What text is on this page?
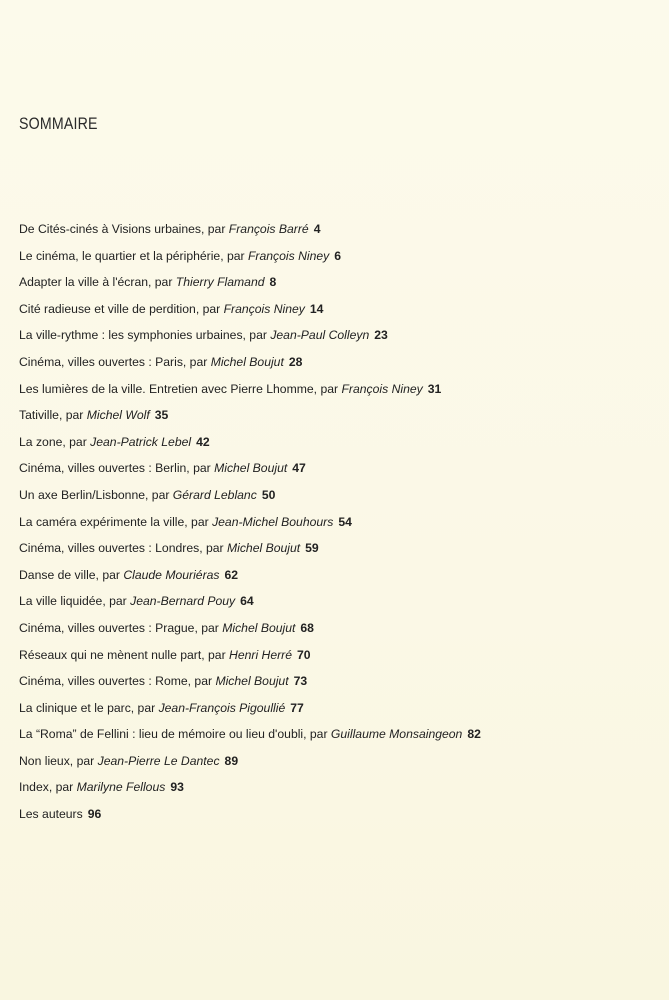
SOMMAIRE
De Cités-cinés à Visions urbaines, par François Barré 4
Le cinéma, le quartier et la périphérie, par François Niney 6
Adapter la ville à l'écran, par Thierry Flamand 8
Cité radieuse et ville de perdition, par François Niney 14
La ville-rythme : les symphonies urbaines, par Jean-Paul Colleyn 23
Cinéma, villes ouvertes : Paris, par Michel Boujut 28
Les lumières de la ville. Entretien avec Pierre Lhomme, par François Niney 31
Tativille, par Michel Wolf 35
La zone, par Jean-Patrick Lebel 42
Cinéma, villes ouvertes : Berlin, par Michel Boujut 47
Un axe Berlin/Lisbonne, par Gérard Leblanc 50
La caméra expérimente la ville, par Jean-Michel Bouhours 54
Cinéma, villes ouvertes : Londres, par Michel Boujut 59
Danse de ville, par Claude Mouriéras 62
La ville liquidée, par Jean-Bernard Pouy 64
Cinéma, villes ouvertes : Prague, par Michel Boujut 68
Réseaux qui ne mènent nulle part, par Henri Herré 70
Cinéma, villes ouvertes : Rome, par Michel Boujut 73
La clinique et le parc, par Jean-François Pigoullié 77
La “Roma” de Fellini : lieu de mémoire ou lieu d'oubli, par Guillaume Monsaingeon 82
Non lieux, par Jean-Pierre Le Dantec 89
Index, par Marilyne Fellous 93
Les auteurs 96
